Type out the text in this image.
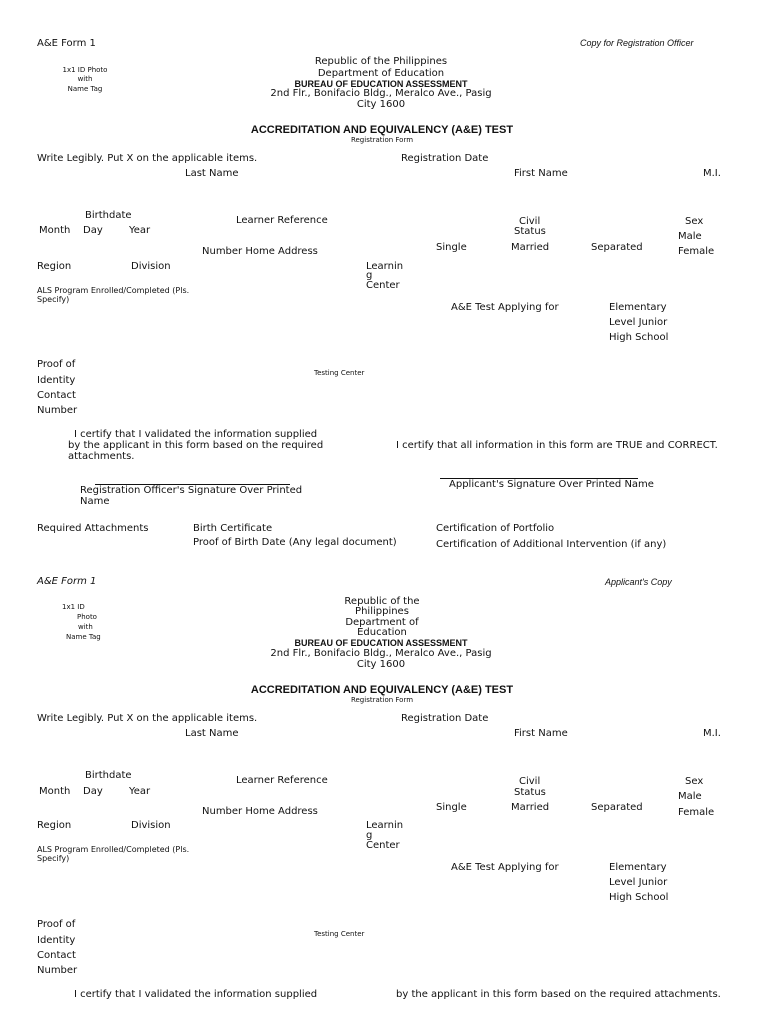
A&E Form 1	Copy for Registration Officer
1x1 ID Photo
with
Name Tag
Republic of the Philippines
Department of Education
BUREAU OF EDUCATION ASSESSMENT
2nd Flr., Bonifacio Bldg., Meralco Ave., Pasig
City 1600
ACCREDITATION AND EQUIVALENCY (A&E) TEST
Registration Form
Write Legibly. Put X on the applicable items.	Registration Date
Last Name	First Name	M.I.
Birthdate
Month Day	Year
Learner Reference
Number Home Address
Civil
Status
Single	Married	Separated
Sex
Male
Female
Region	Division	Learnin
g
Center
ALS Program Enrolled/Completed (Pls.
Specify)
A&E Test Applying for	Elementary
Level Junior
High School
Proof of
Identity
Testing Center
Contact
Number
I certify that I validated the information supplied
by the applicant in this form based on the required
attachments.
I certify that all information in this form are TRUE and CORRECT.
Registration Officer's Signature Over Printed
Name
Applicant's Signature Over Printed Name
Required Attachments	Birth Certificate
Proof of Birth Date (Any legal document)
Certification of Portfolio
Certification of Additional Intervention (if any)
A&E Form 1	Applicant's Copy
1x1 ID
Photo
with
Name Tag
Republic of the
Philippines
Department of
Education
BUREAU OF EDUCATION ASSESSMENT
2nd Flr., Bonifacio Bldg., Meralco Ave., Pasig
City 1600
ACCREDITATION AND EQUIVALENCY (A&E) TEST
Registration Form
Write Legibly. Put X on the applicable items.	Registration Date
Last Name	First Name	M.I.
Birthdate
Month Day	Year
Learner Reference
Number Home Address
Civil
Status
Single	Married	Separated
Sex
Male
Female
Region	Division	Learnin
g
Center
ALS Program Enrolled/Completed (Pls.
Specify)
A&E Test Applying for	Elementary
Level Junior
High School
Proof of
Identity
Testing Center
Contact
Number
I certify that I validated the information supplied	by the applicant in this form based on the required attachments.
